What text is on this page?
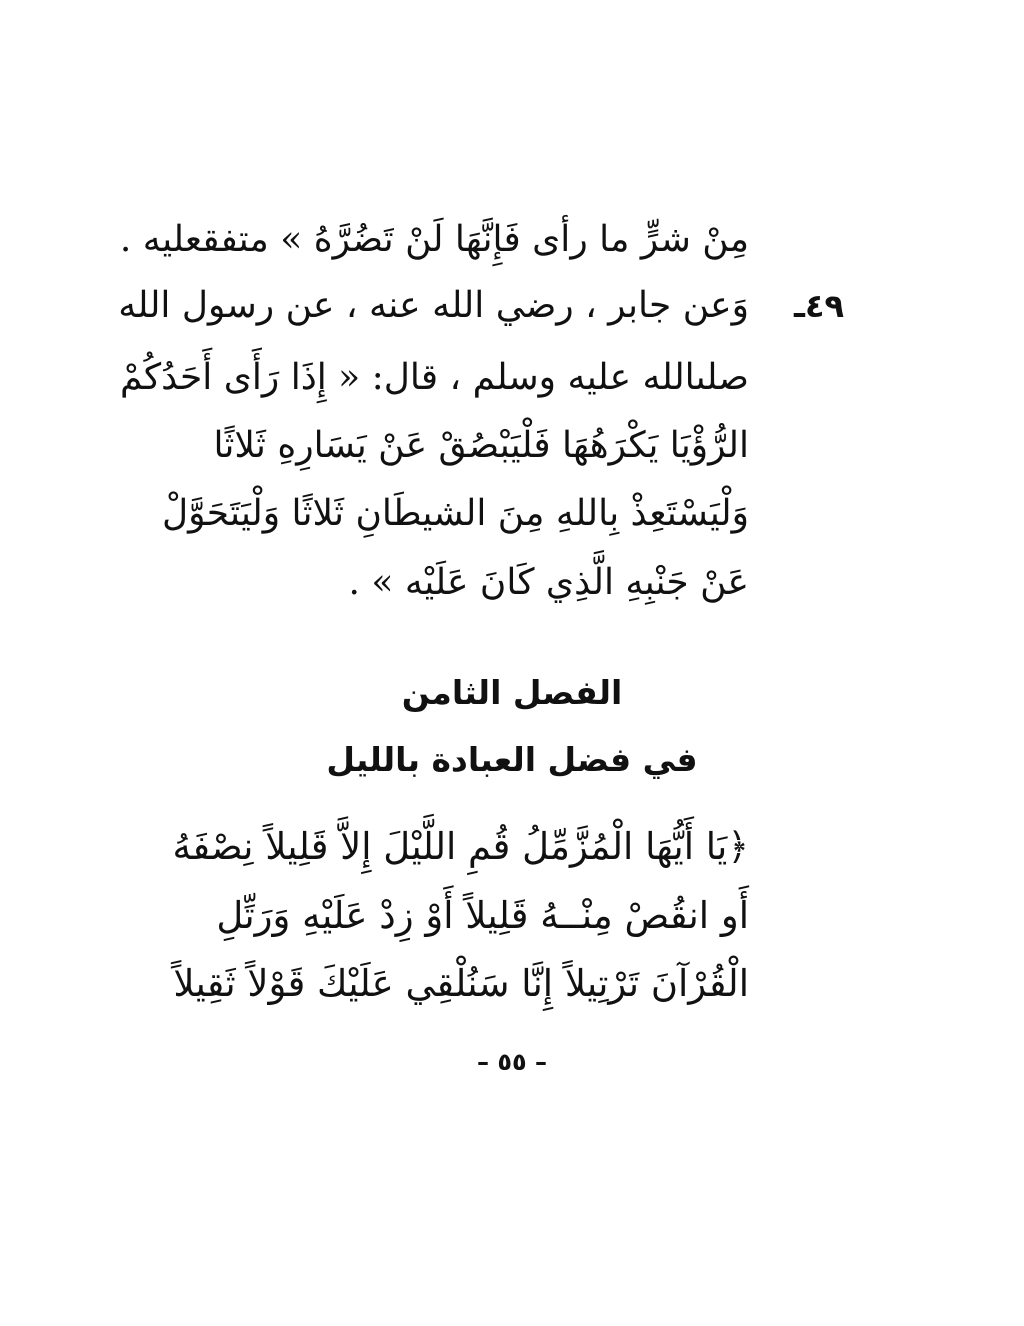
مِنْ شرٍّ ما رأى فَإِنَّهَا لَنْ تَضُرَّهُ » متفقعليه .
٤٩ـ
وَعن جابر ، رضي الله عنه ، عن رسول الله
صلىالله عليه وسلم ، قال: « إِذَا رَأَى أَحَدُكُمْ
الرُّؤْيَا يَكْرَهُهَا فَلْيَبْصُقْ عَنْ يَسَارِهِ ثَلاثًا
وَلْيَسْتَعِذْ بِاللهِ مِنَ الشيطَانِ ثَلاثًا وَلْيَتَحَوَّلْ
عَنْ جَنْبِهِ الَّذِي كَانَ عَلَيْه » .
الفصل الثامن
في فضل العبادة بالليل
﴿يَا أَيُّهَا الْمُزَّمِّلُ قُمِ اللَّيْلَ إِلاَّ قَلِيلاً نِصْفَهُ
أَو انقُصْ مِنْــهُ قَلِيلاً أَوْ زِدْ عَلَيْهِ وَرَتِّلِ
الْقُرْآنَ تَرْتِيلاً إِنَّا سَنُلْقِي عَلَيْكَ قَوْلاً ثَقِيلاً
– ٥٥ –
